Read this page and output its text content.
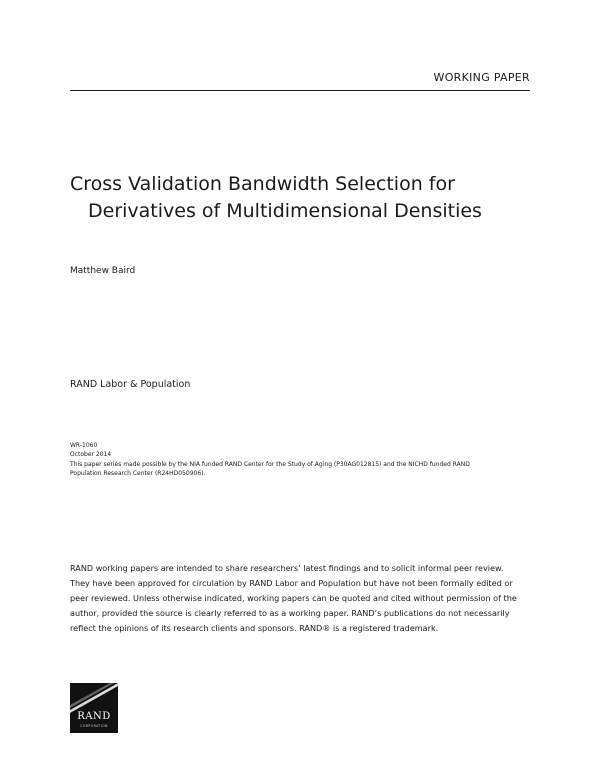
WORKING PAPER
Cross Validation Bandwidth Selection for
Derivatives of Multidimensional Densities
Matthew Baird
RAND Labor & Population
WR-1060
October 2014
This paper series made possible by the NIA funded RAND Center for the Study of Aging (P30AG012815) and the NICHD funded RAND
Population Research Center (R24HD050906).
RAND working papers are intended to share researchers’ latest findings and to solicit informal peer review.
They have been approved for circulation by RAND Labor and Population but have not been formally edited or
peer reviewed. Unless otherwise indicated, working papers can be quoted and cited without permission of the
author, provided the source is clearly referred to as a working paper. RAND’s publications do not necessarily
reflect the opinions of its research clients and sponsors. RAND® is a registered trademark.
RAND
CORPORATION
